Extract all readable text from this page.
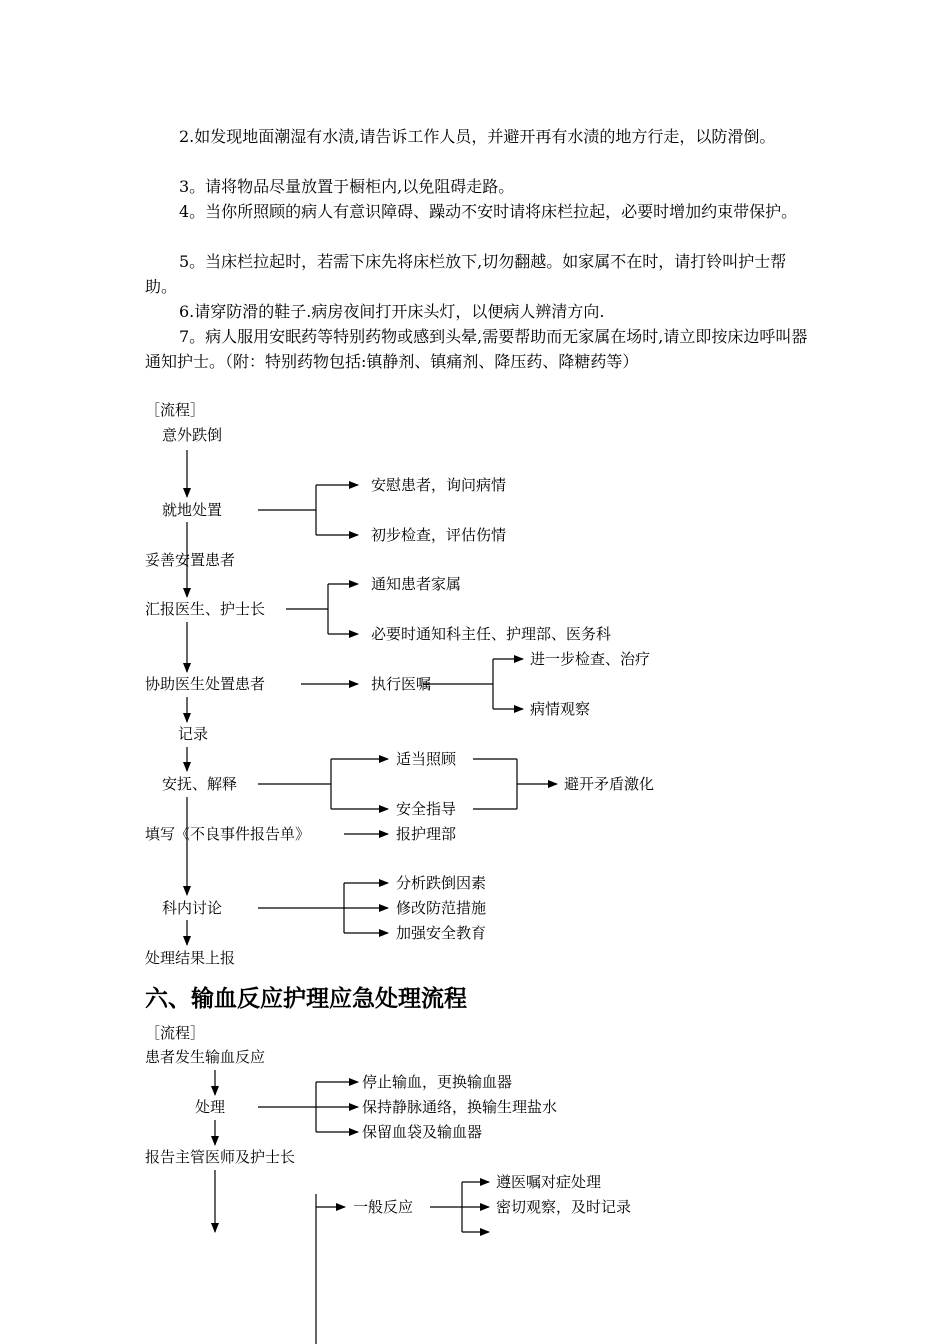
2.如发现地面潮湿有水渍,请告诉工作人员，并避开再有水渍的地方行走，以防滑倒。

3。请将物品尽量放置于橱柜内,以免阻碍走路。

4。当你所照顾的病人有意识障碍、躁动不安时请将床栏拉起，必要时增加约束带保护。

5。当床栏拉起时，若需下床先将床栏放下,切勿翻越。如家属不在时，请打铃叫护士帮助。

6.请穿防滑的鞋子.病房夜间打开床头灯，以便病人辨清方向.

7。病人服用安眠药等特别药物或感到头晕,需要帮助而无家属在场时,请立即按床边呼叫器通知护士。（附：特别药物包括:镇静剂、镇痛剂、降压药、降糖药等）

［流程］
意外跌倒
就地处置
安慰患者，询问病情
初步检查，评估伤情
妥善安置患者
汇报医生、护士长
通知患者家属
必要时通知科主任、护理部、医务科
协助医生处置患者	执行医嘱
进一步检查、治疗
病情观察
记录
安抚、解释
适当照顾
安全指导
避开矛盾激化
填写《不良事件报告单》	报护理部
科内讨论
分析跌倒因素
修改防范措施
加强安全教育
处理结果上报
六、输血反应护理应急处理流程
［流程］
患者发生输血反应
处理
停止输血，更换输血器
保持静脉通络，换输生理盐水
保留血袋及输血器
报告主管医师及护士长
一般反应
遵医嘱对症处理
密切观察，及时记录
